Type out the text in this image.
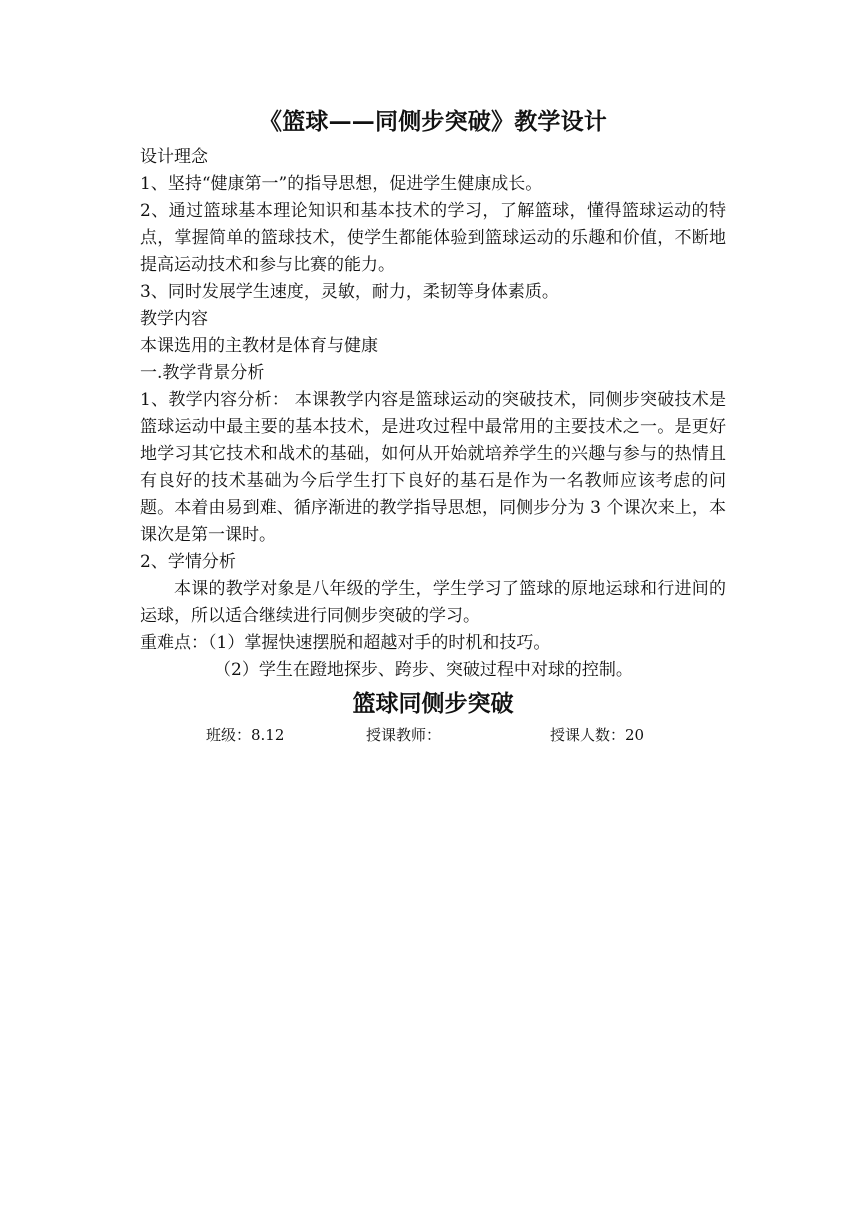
《篮球——同侧步突破》教学设计

设计理念

1、坚持“健康第一”的指导思想，促进学生健康成长。

2、通过篮球基本理论知识和基本技术的学习，了解篮球，懂得篮球运动的特点，掌握简单的篮球技术，使学生都能体验到篮球运动的乐趣和价值，不断地提高运动技术和参与比赛的能力。

3、同时发展学生速度，灵敏，耐力，柔韧等身体素质。

教学内容

本课选用的主教材是体育与健康

一.教学背景分析

1、教学内容分析： 本课教学内容是篮球运动的突破技术，同侧步突破技术是篮球运动中最主要的基本技术，是进攻过程中最常用的主要技术之一。是更好地学习其它技术和战术的基础，如何从开始就培养学生的兴趣与参与的热情且有良好的技术基础为今后学生打下良好的基石是作为一名教师应该考虑的问题。本着由易到难、循序渐进的教学指导思想，同侧步分为 3 个课次来上，本课次是第一课时。

2、学情分析

本课的教学对象是八年级的学生，学生学习了篮球的原地运球和行进间的运球，所以适合继续进行同侧步突破的学习。

重难点：（1）掌握快速摆脱和超越对手的时机和技巧。

（2）学生在蹬地探步、跨步、突破过程中对球的控制。

篮球同侧步突破
班级：8.12	授课教师：	授课人数：20
